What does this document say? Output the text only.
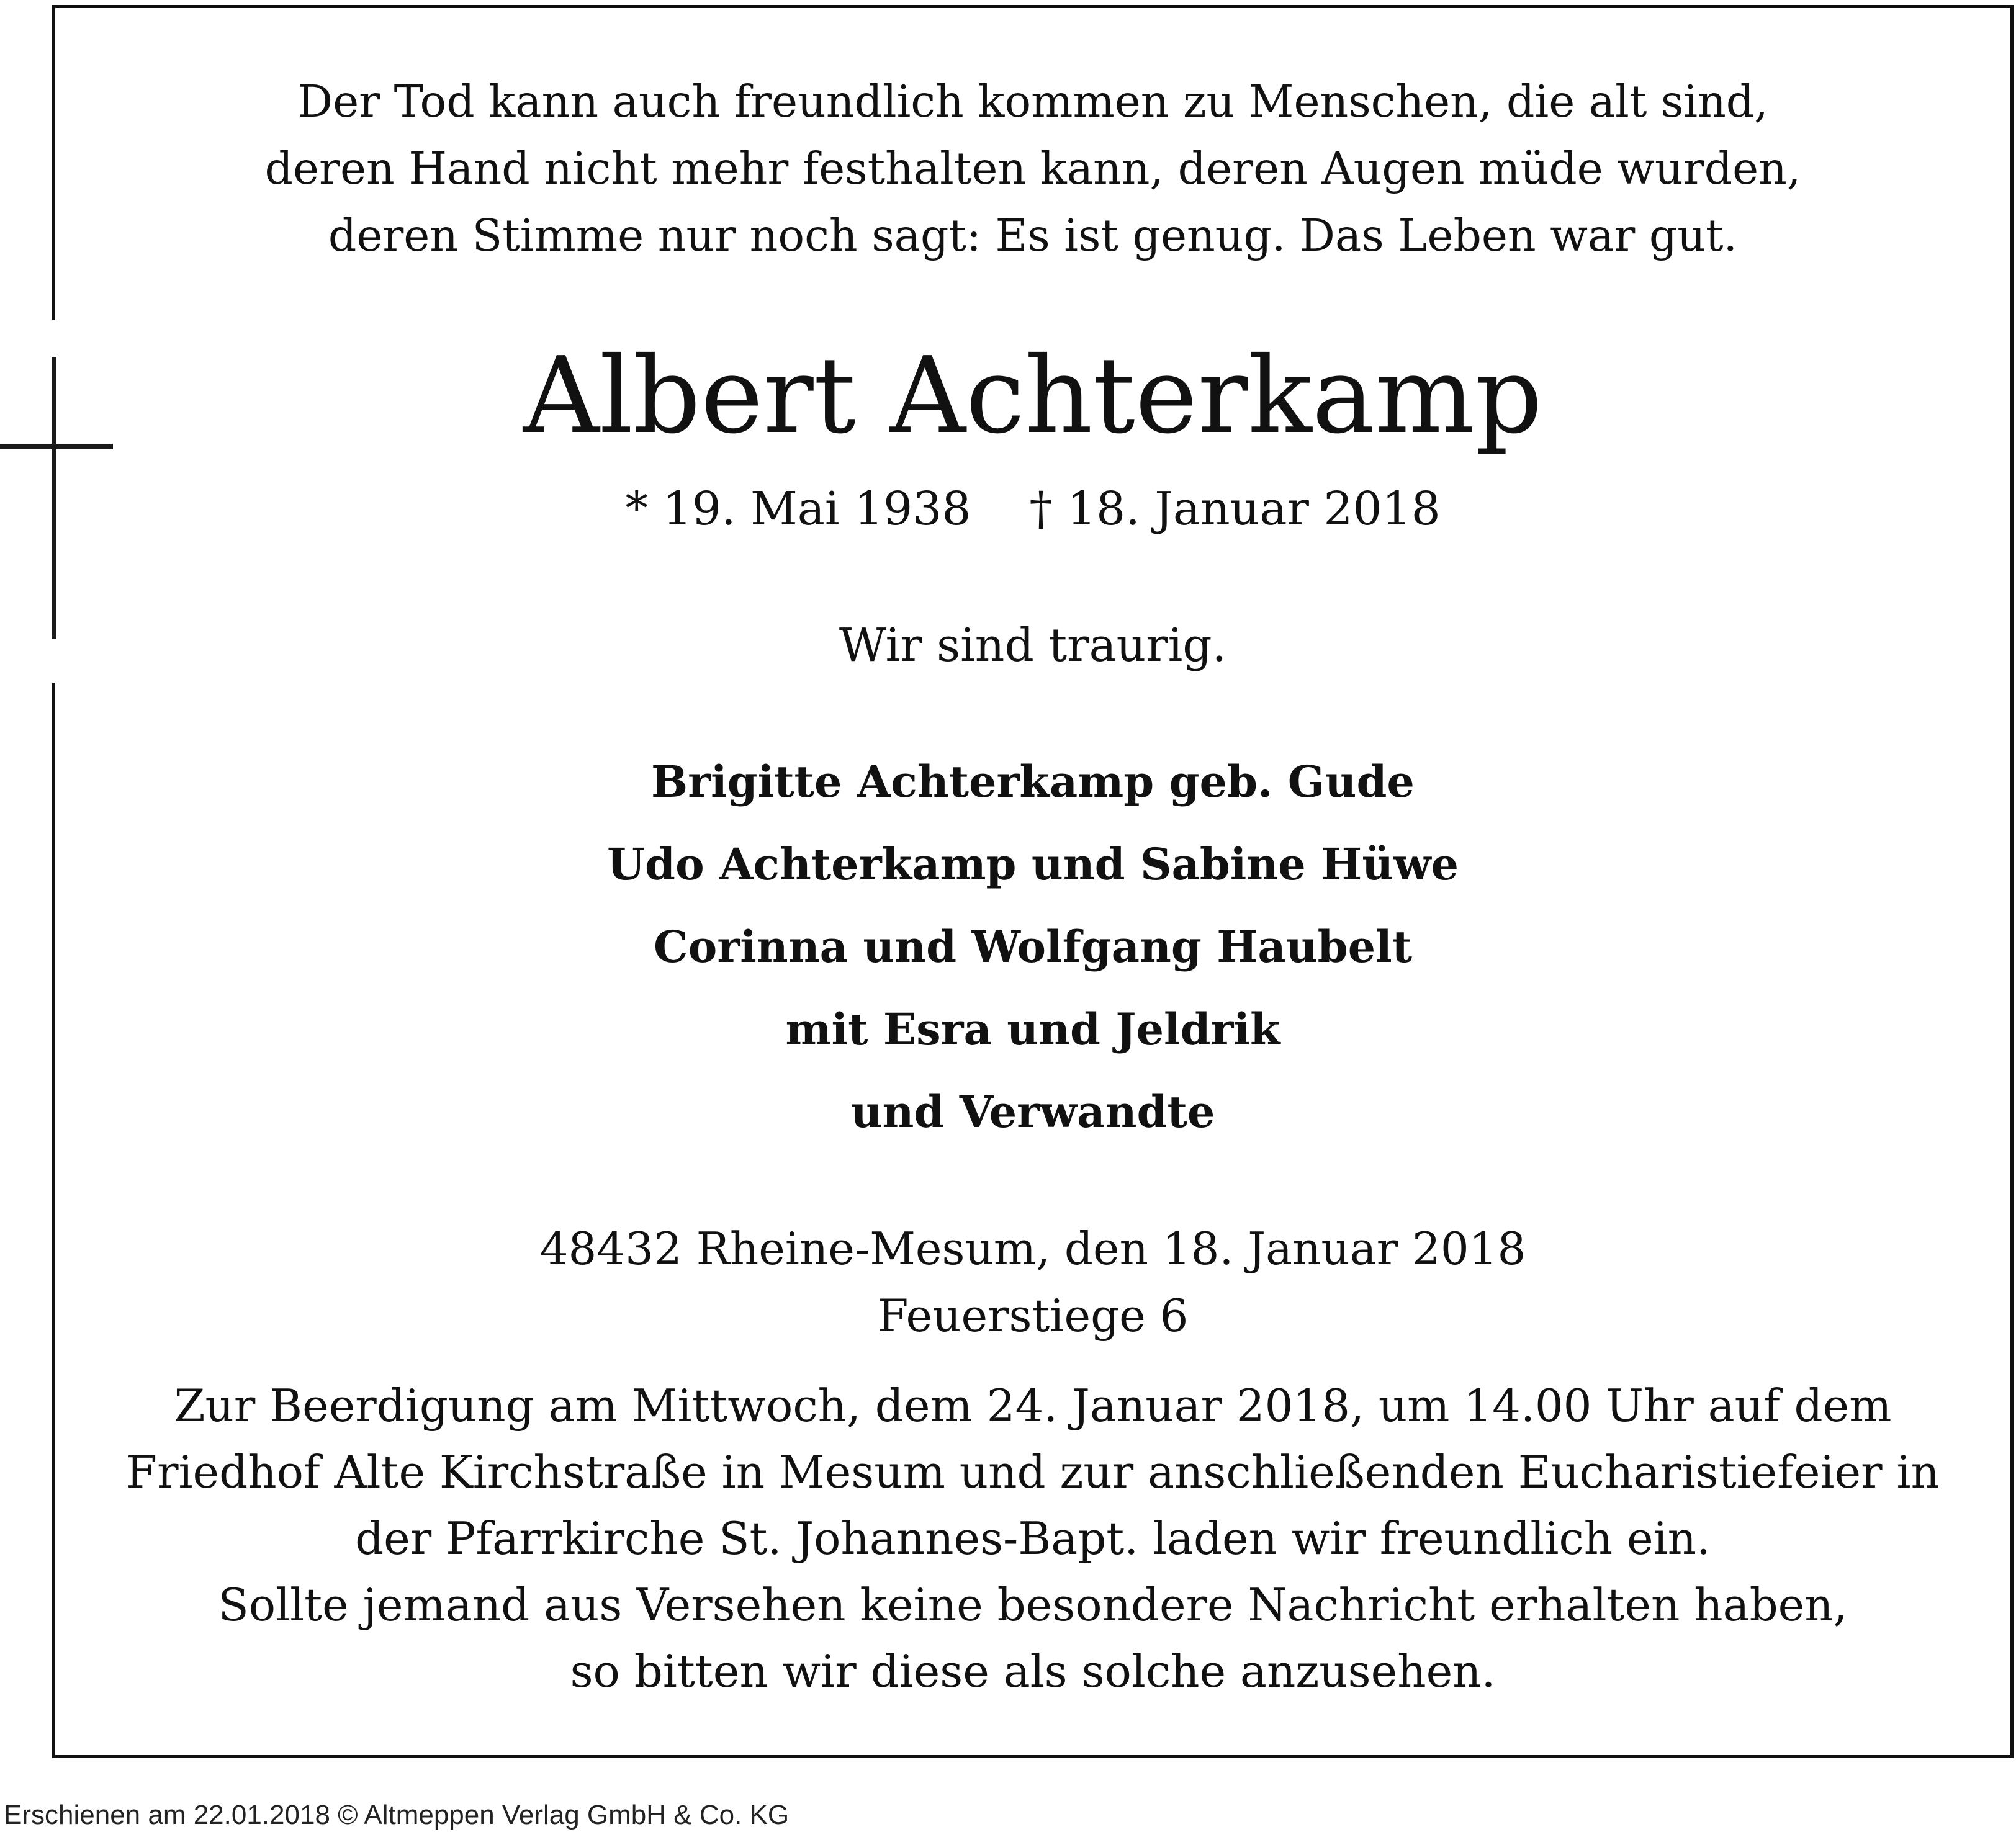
Der Tod kann auch freundlich kommen zu Menschen, die alt sind,
deren Hand nicht mehr festhalten kann, deren Augen müde wurden,
deren Stimme nur noch sagt: Es ist genug. Das Leben war gut.
Albert Achterkamp
* 19. Mai 1938    † 18. Januar 2018
Wir sind traurig.
Brigitte Achterkamp geb. Gude
Udo Achterkamp und Sabine Hüwe
Corinna und Wolfgang Haubelt
mit Esra und Jeldrik
und Verwandte
48432 Rheine-Mesum, den 18. Januar 2018
Feuerstiege 6
Zur Beerdigung am Mittwoch, dem 24. Januar 2018, um 14.00 Uhr auf dem
Friedhof Alte Kirchstraße in Mesum und zur anschließenden Eucharistiefeier in
der Pfarrkirche St. Johannes-Bapt. laden wir freundlich ein.
Sollte jemand aus Versehen keine besondere Nachricht erhalten haben,
so bitten wir diese als solche anzusehen.
Erschienen am 22.01.2018 © Altmeppen Verlag GmbH & Co. KG
